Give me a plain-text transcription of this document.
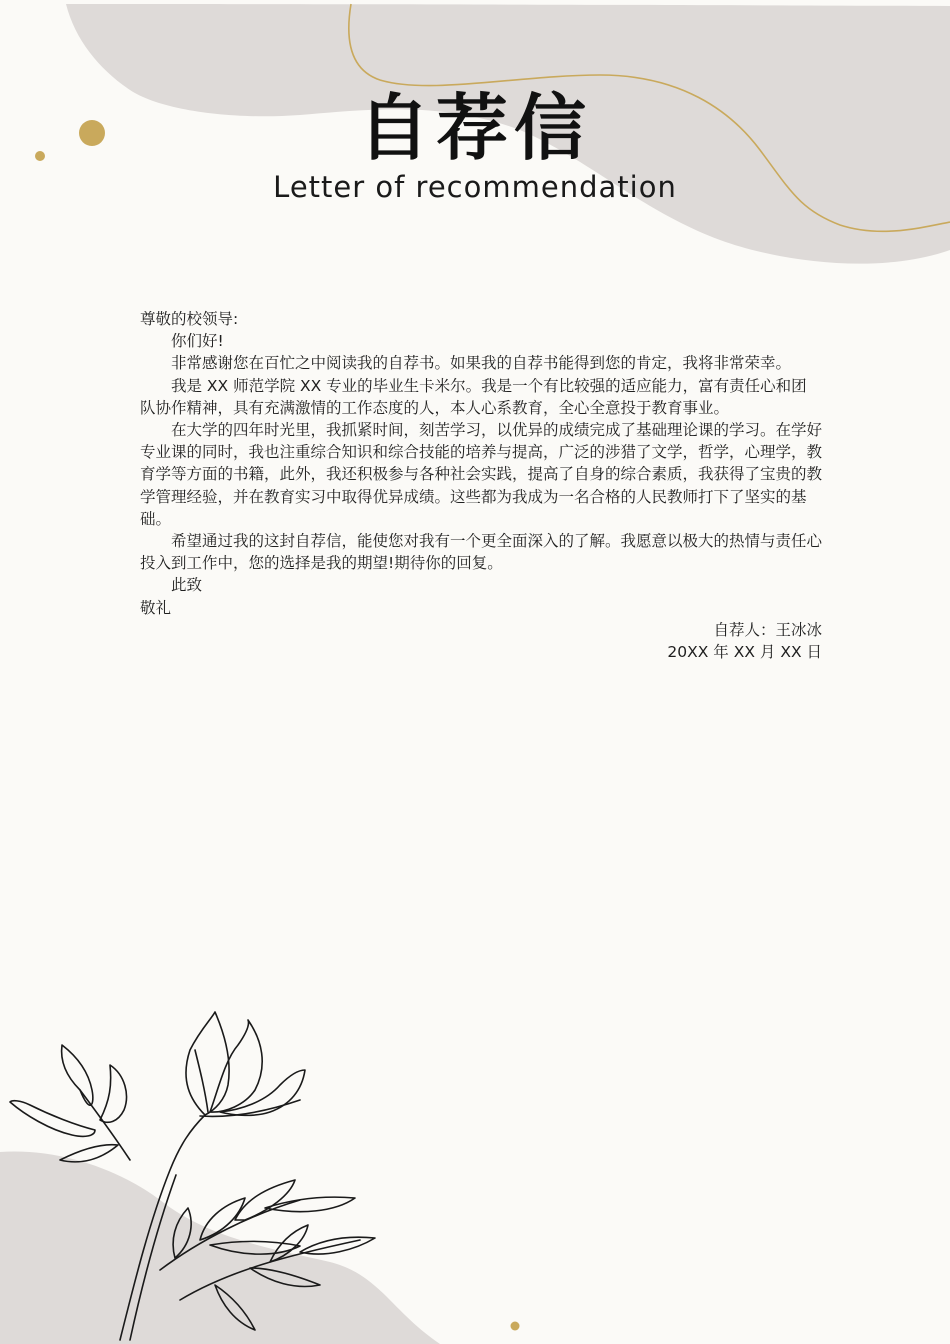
自荐信
Letter of recommendation

尊敬的校领导:

你们好!

非常感谢您在百忙之中阅读我的自荐书。如果我的自荐书能得到您的肯定，我将非常荣幸。

我是 XX 师范学院 XX 专业的毕业生卡米尔。我是一个有比较强的适应能力，富有责任心和团队协作精神，具有充满激情的工作态度的人，本人心系教育，全心全意投于教育事业。

在大学的四年时光里，我抓紧时间，刻苦学习，以优异的成绩完成了基础理论课的学习。在学好专业课的同时，我也注重综合知识和综合技能的培养与提高，广泛的涉猎了文学，哲学，心理学，教育学等方面的书籍，此外，我还积极参与各种社会实践，提高了自身的综合素质，我获得了宝贵的教学管理经验，并在教育实习中取得优异成绩。这些都为我成为一名合格的人民教师打下了坚实的基础。

希望通过我的这封自荐信，能使您对我有一个更全面深入的了解。我愿意以极大的热情与责任心投入到工作中，您的选择是我的期望!期待你的回复。

此致

敬礼

自荐人：王冰冰

20XX 年 XX 月 XX 日
